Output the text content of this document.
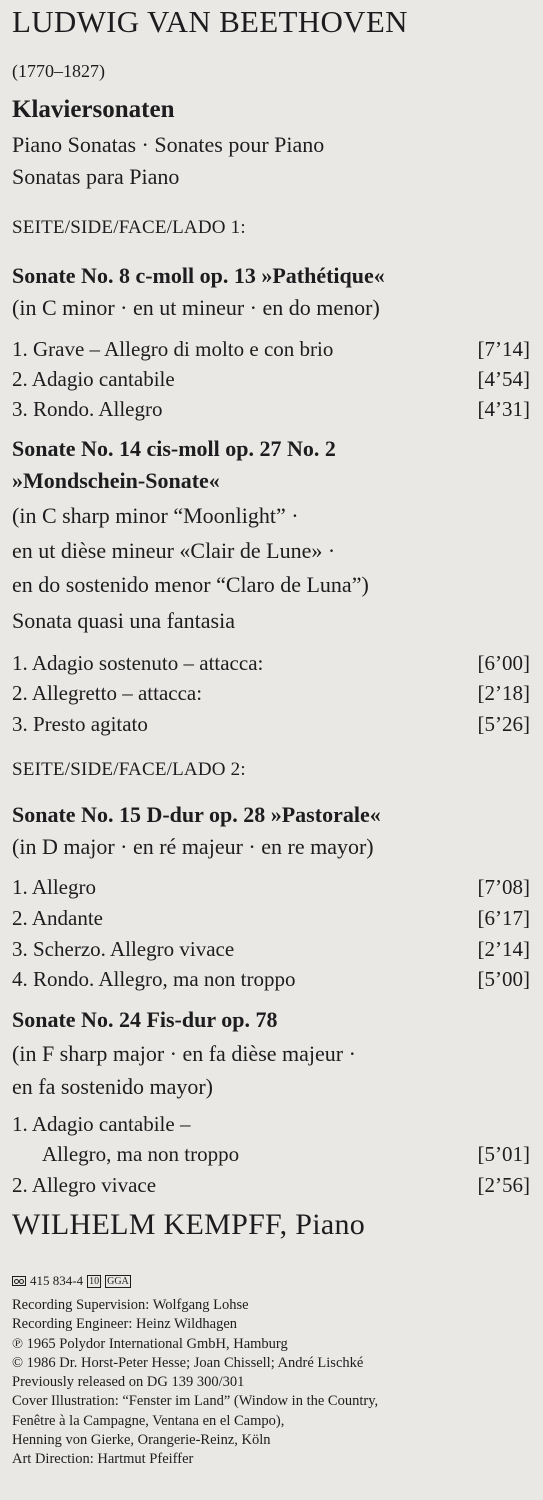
LUDWIG VAN BEETHOVEN
(1770–1827)
Klaviersonaten
Piano Sonatas · Sonates pour Piano
Sonatas para Piano
SEITE/SIDE/FACE/LADO 1:
Sonate No. 8 c-moll op. 13 »Pathétique«
(in C minor · en ut mineur · en do menor)
1. Grave – Allegro di molto e con brio	[7’14]
2. Adagio cantabile	[4’54]
3. Rondo. Allegro	[4’31]
Sonate No. 14 cis-moll op. 27 No. 2
»Mondschein-Sonate«
(in C sharp minor “Moonlight” ·
en ut dièse mineur «Clair de Lune» ·
en do sostenido menor “Claro de Luna”)
Sonata quasi una fantasia
1. Adagio sostenuto – attacca:	[6’00]
2. Allegretto – attacca:	[2’18]
3. Presto agitato	[5’26]
SEITE/SIDE/FACE/LADO 2:
Sonate No. 15 D-dur op. 28 »Pastorale«
(in D major · en ré majeur · en re mayor)
1. Allegro	[7’08]
2. Andante	[6’17]
3. Scherzo. Allegro vivace	[2’14]
4. Rondo. Allegro, ma non troppo	[5’00]
Sonate No. 24 Fis-dur op. 78
(in F sharp major · en fa dièse majeur ·
en fa sostenido mayor)
1. Adagio cantabile –
Allegro, ma non troppo	[5’01]
2. Allegro vivace	[2’56]
WILHELM KEMPFF, Piano
415 834-4 10 GGA
Recording Supervision: Wolfgang Lohse
Recording Engineer: Heinz Wildhagen
℗ 1965 Polydor International GmbH, Hamburg
© 1986 Dr. Horst-Peter Hesse; Joan Chissell; André Lischké
Previously released on DG 139 300/301
Cover Illustration: “Fenster im Land” (Window in the Country,
Fenêtre à la Campagne, Ventana en el Campo),
Henning von Gierke, Orangerie-Reinz, Köln
Art Direction: Hartmut Pfeiffer
